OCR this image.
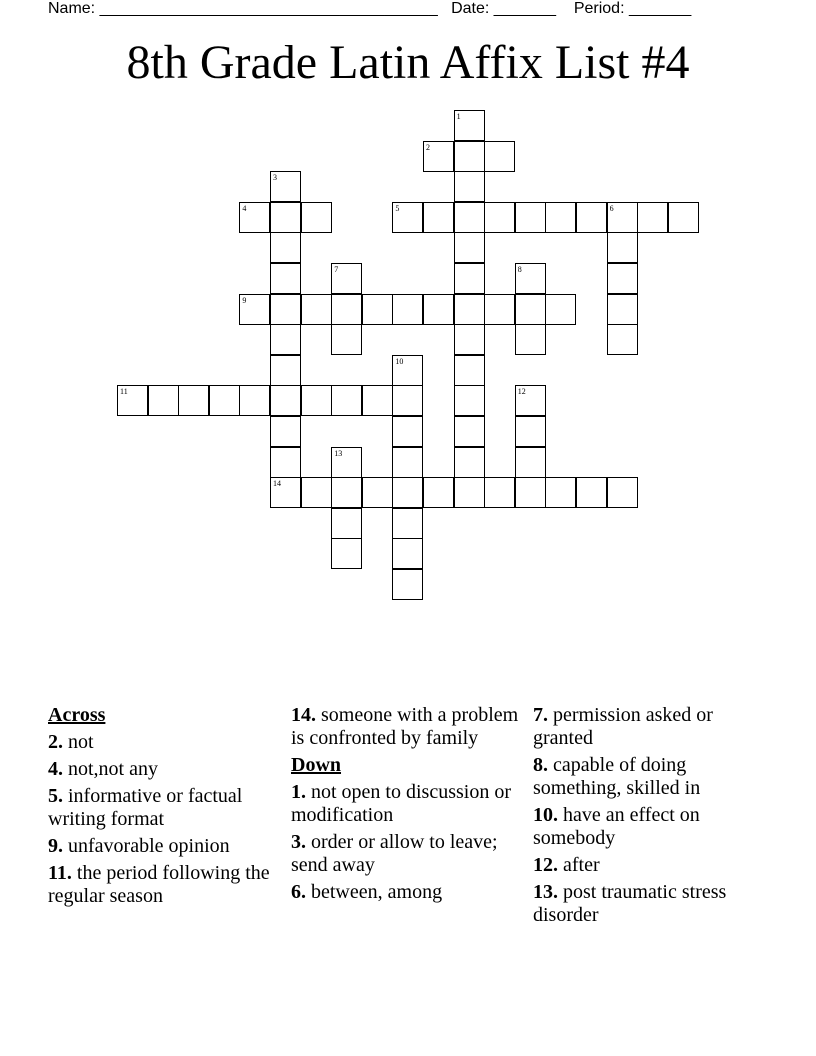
Name: ______________________________________ Date: _______ Period: _______
8th Grade Latin Affix List #4
1
2
3
4	5	6
7	8
9
10
11	12
13
14
Across
2. not
4. not,not any
5. informative or factual writing format
9. unfavorable opinion
11. the period following the regular season
14. someone with a problem is confronted by family
Down
1. not open to discussion or modification
3. order or allow to leave; send away
6. between, among
7. permission asked or granted
8. capable of doing something, skilled in
10. have an effect on somebody
12. after
13. post traumatic stress disorder
